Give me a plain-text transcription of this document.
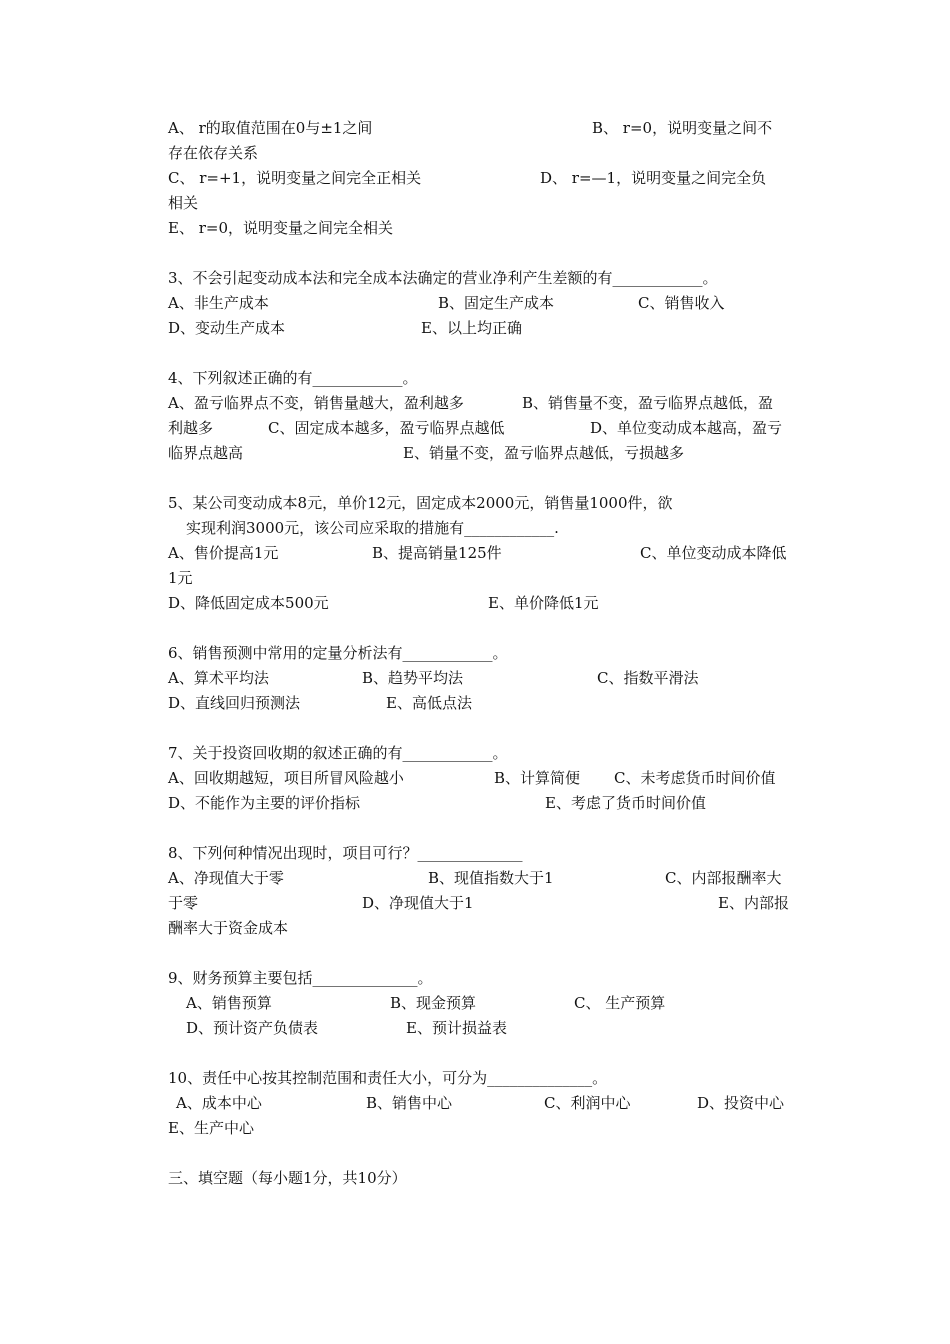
A、 r的取值范围在0与±1之间	B、 r=0，说明变量之间不
存在依存关系
C、 r=+1，说明变量之间完全正相关	D、 r=—1，说明变量之间完全负
相关
E、 r=0，说明变量之间完全相关
3、不会引起变动成本法和完全成本法确定的营业净利产生差额的有____________。
A、非生产成本	B、固定生产成本	C、销售收入
D、变动生产成本	E、以上均正确
4、下列叙述正确的有____________。
A、盈亏临界点不变，销售量越大，盈利越多	B、销售量不变，盈亏临界点越低，盈
利越多	C、固定成本越多，盈亏临界点越低	D、单位变动成本越高，盈亏
临界点越高	E、销量不变，盈亏临界点越低，亏损越多
5、某公司变动成本8元，单价12元，固定成本2000元，销售量1000件，欲
实现利润3000元，该公司应采取的措施有____________.
A、售价提高1元	B、提高销量125件	C、单位变动成本降低
1元
D、降低固定成本500元	E、单价降低1元
6、销售预测中常用的定量分析法有____________。
A、算术平均法	B、趋势平均法	C、指数平滑法
D、直线回归预测法	E、高低点法
7、关于投资回收期的叙述正确的有____________。
A、回收期越短，项目所冒风险越小	B、计算简便 C、未考虑货币时间价值
D、不能作为主要的评价指标	E、考虑了货币时间价值
8、下列何种情况出现时，项目可行？______________
A、净现值大于零	B、现值指数大于1	C、内部报酬率大
于零	D、净现值大于1	E、内部报
酬率大于资金成本
9、财务预算主要包括______________。
A、销售预算	B、现金预算	C、 生产预算
D、预计资产负债表	E、预计损益表
10、责任中心按其控制范围和责任大小，可分为______________。
A、成本中心	B、销售中心	C、利润中心	D、投资中心
E、生产中心
三、填空题（每小题1分，共10分）
